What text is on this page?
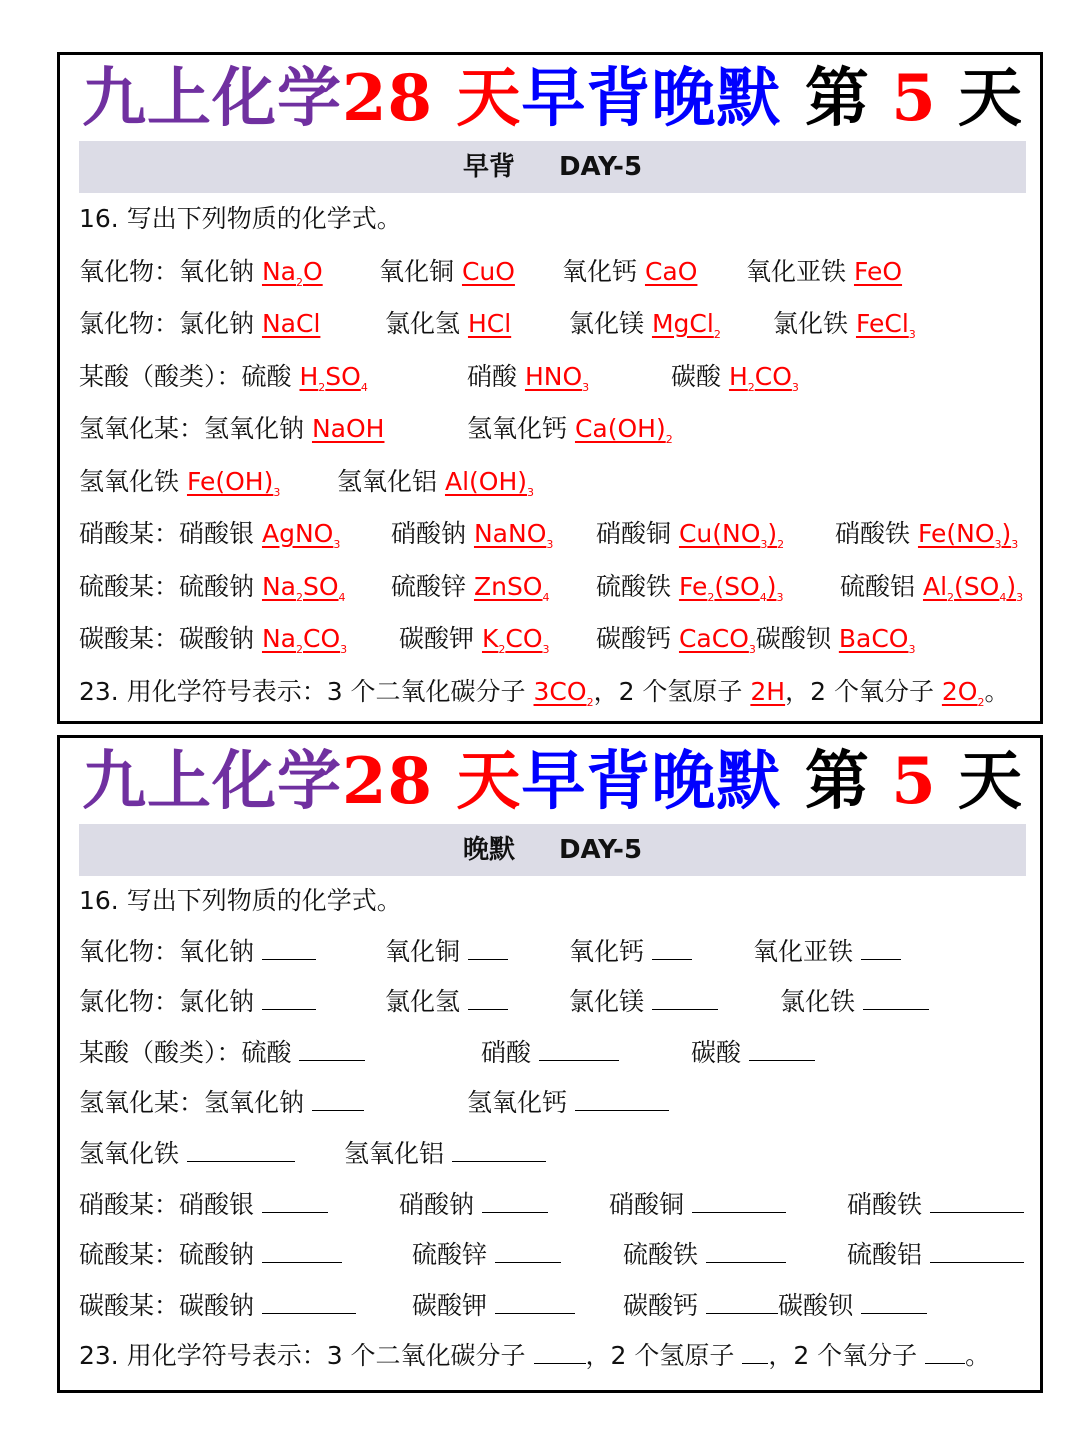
九上化学28 天早背晚默 第 5 天
早背 DAY-5
16. 写出下列物质的化学式。
氧化物：氧化钠 $Na_2O$ 氧化铜 CuO 氧化钙 CaO 氧化亚铁 FeO
氯化物：氯化钠 NaCl	氯化氢 HCl 氯化镁 MgCl$_2$ 氯化铁 FeCl$_3$
某酸（酸类）：硫酸 $H_2SO_4$	硝酸 $HNO_3$	碳酸 $H_2CO_3$
氢氧化某：氢氧化钠 NaOH	氢氧化钙 $Ca(OH)_2$
氢氧化铁 $Fe(OH)_3$ 氢氧化铝 $Al(OH)_3$
硝酸某：硝酸银 AgNO$_3$ 硝酸钠 NaNO$_3$ 硝酸铜 $Cu(NO_3)_2$ 硝酸铁 $Fe(NO_3)_3$
硫酸某：硫酸钠 $Na_2SO_4$ 硫酸锌 ZnSO$_4$ 硫酸铁 $Fe_2(SO_4)_3$ 硫酸铝 $Al_2(SO_4)_3$
碳酸某：碳酸钠 $Na_2CO_3$ 碳酸钾 $K_2CO_3$ 碳酸钙 CaCO$_3$碳酸钡 BaCO$_3$
23. 用化学符号表示：3 个二氧化碳分子 $3CO_2$，2 个氢原子 2H，2 个氧分子 $2O_2$。
九上化学28 天早背晚默 第 5 天
晚默 DAY-5
16. 写出下列物质的化学式。
氧化物：氧化钠	氧化铜	氧化钙	氧化亚铁
氯化物：氯化钠	氯化氢	氯化镁	氯化铁
某酸（酸类）：硫酸	硝酸	碳酸
氢氧化某：氢氧化钠	氢氧化钙
氢氧化铁	氢氧化铝
硝酸某：硝酸银	硝酸钠	硝酸铜	硝酸铁
硫酸某：硫酸钠	硫酸锌	硫酸铁	硫酸铝
碳酸某：碳酸钠	碳酸钾	碳酸钙	碳酸钡
23. 用化学符号表示：3 个二氧化碳分子 ，2 个氢原子 ，2 个氧分子 。
